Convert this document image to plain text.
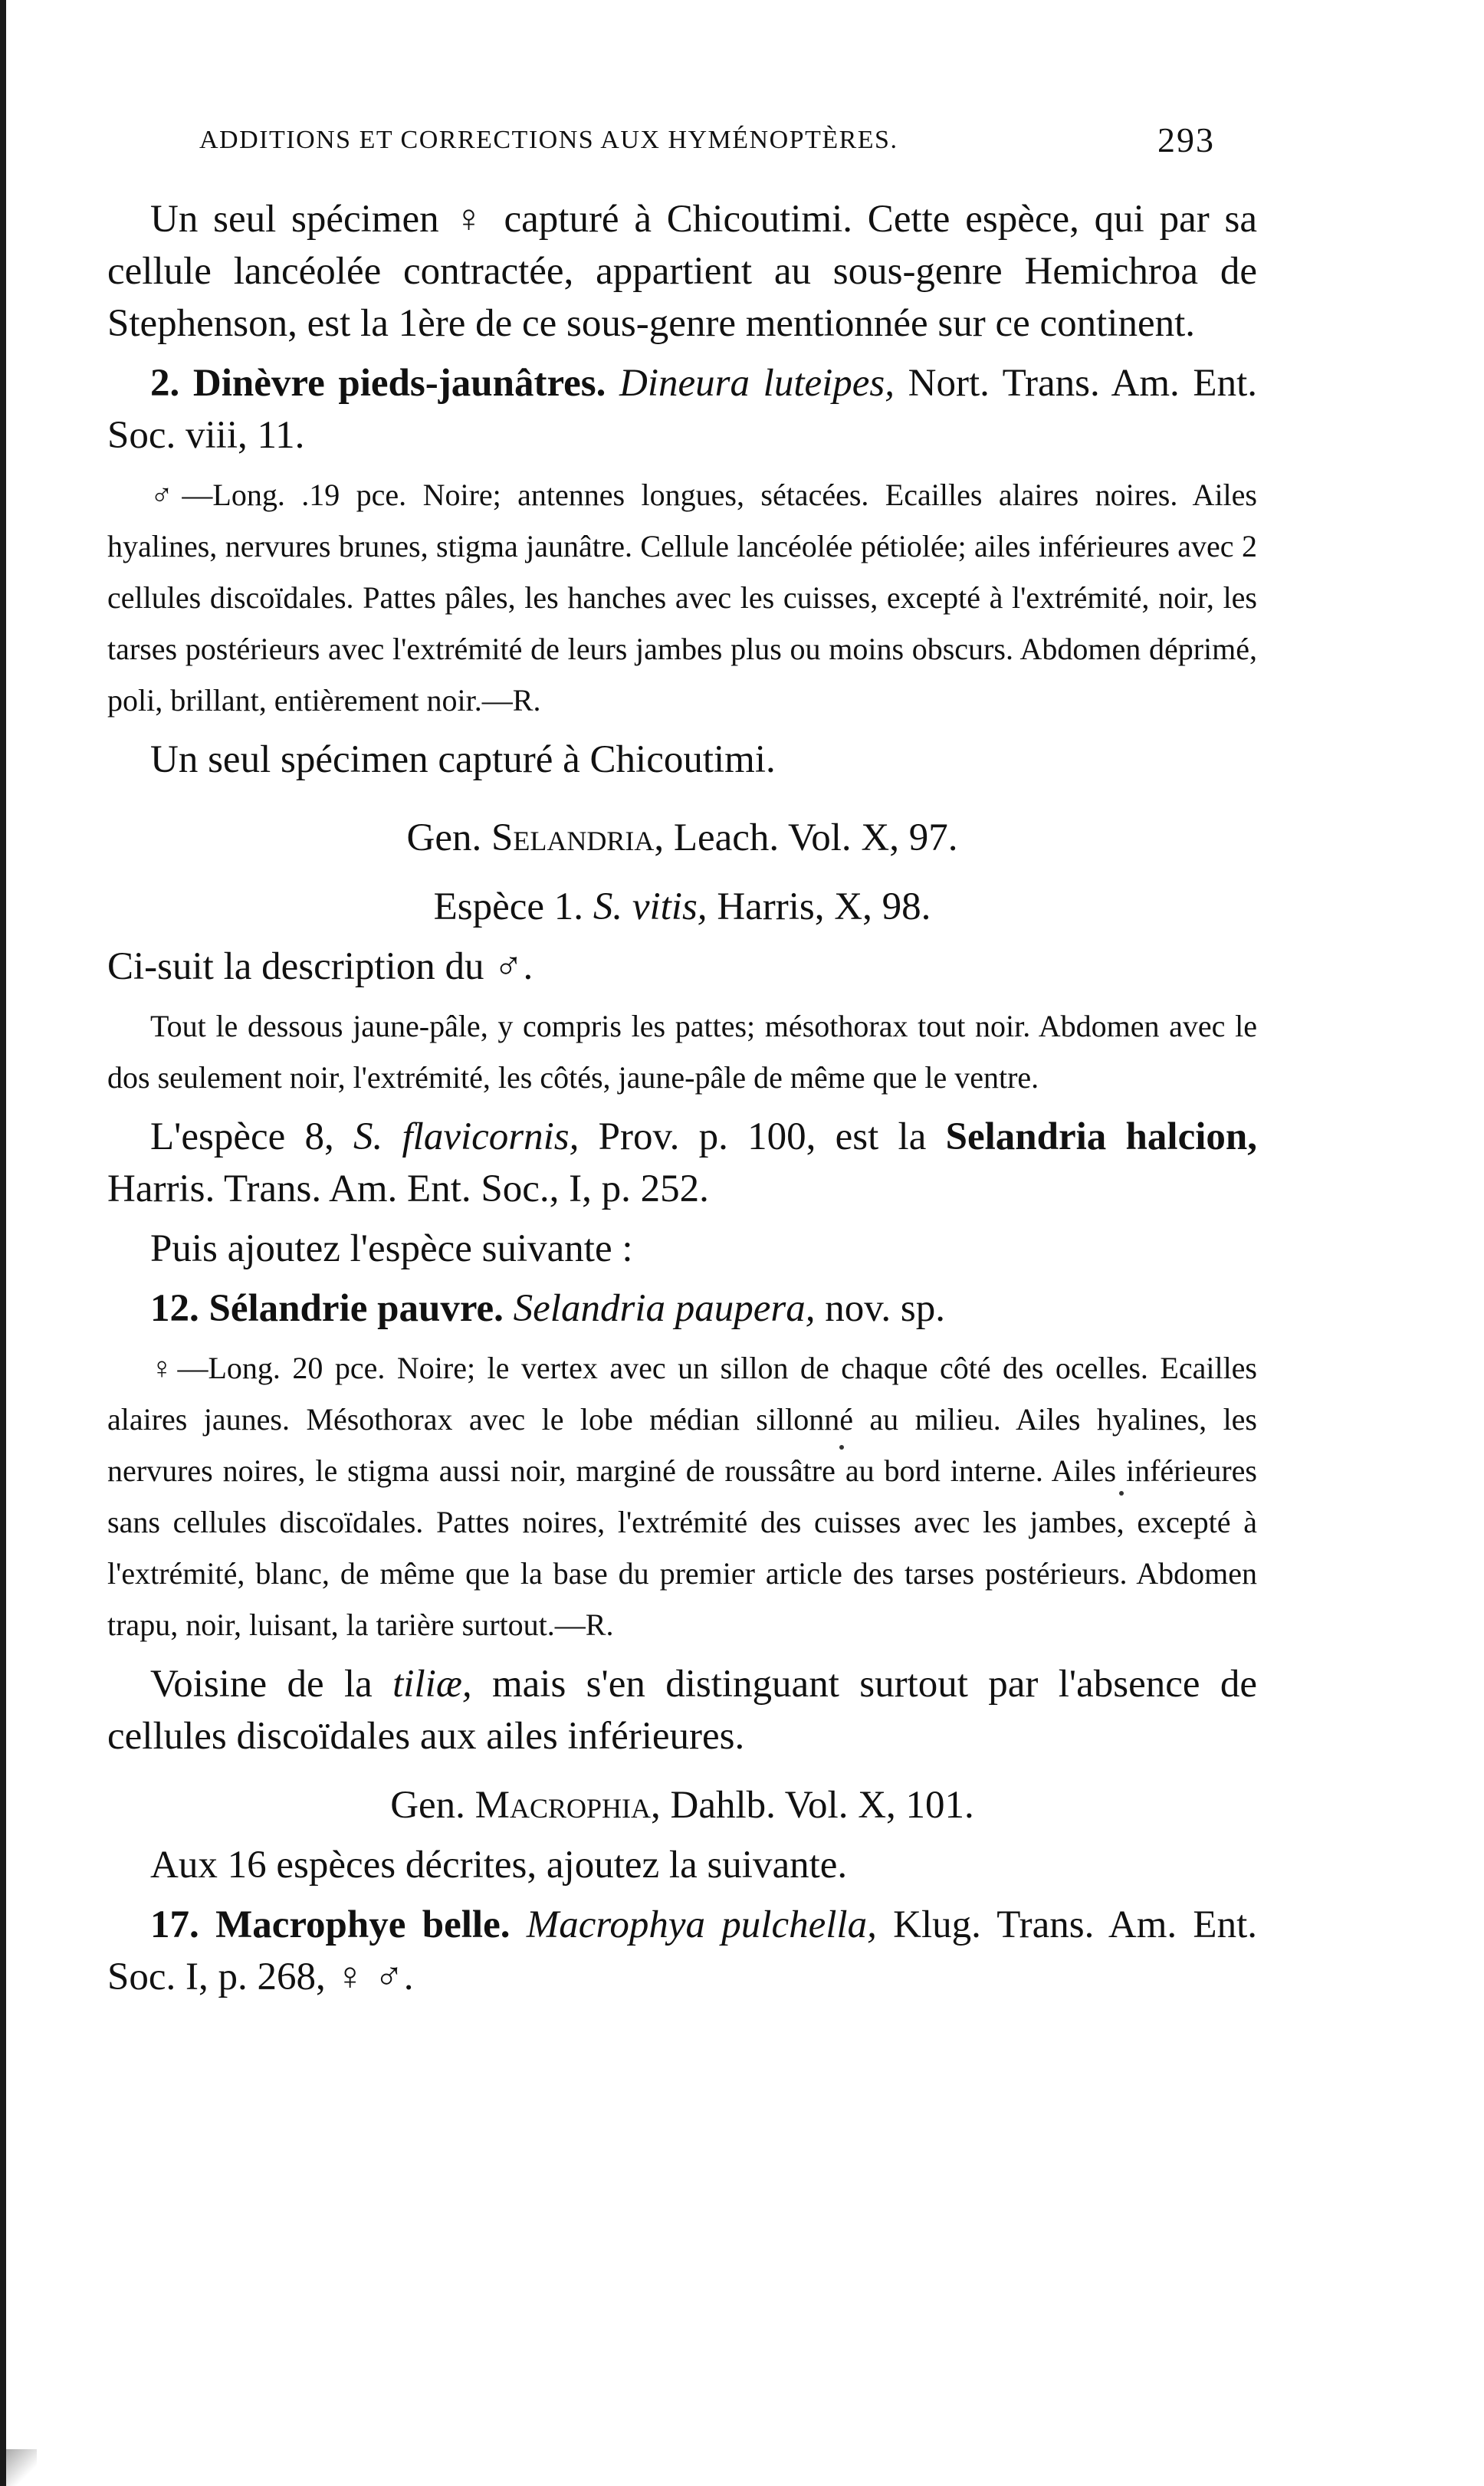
ADDITIONS ET CORRECTIONS AUX HYMÉNOPTÈRES.	293

Un seul spécimen ♀ capturé à Chicoutimi. Cette espèce, qui par sa cellule lancéolée contractée, appartient au sous-genre Hemichroa de Stephenson, est la 1ère de ce sous-genre mentionnée sur ce continent.

2. Dinèvre pieds-jaunâtres. Dineura luteipes, Nort. Trans. Am. Ent. Soc. viii, 11.

♂—Long. .19 pce. Noire; antennes longues, sétacées. Ecailles alaires noires. Ailes hyalines, nervures brunes, stigma jaunâtre. Cellule lancéolée pétiolée; ailes inférieures avec 2 cellules discoïdales. Pattes pâles, les hanches avec les cuisses, excepté à l'extrémité, noir, les tarses postérieurs avec l'extrémité de leurs jambes plus ou moins obscurs. Abdomen déprimé, poli, brillant, entièrement noir.—R.

Un seul spécimen capturé à Chicoutimi.

Gen. Selandria, Leach. Vol. X, 97.

Espèce 1. S. vitis, Harris, X, 98.

Ci-suit la description du ♂.

Tout le dessous jaune-pâle, y compris les pattes; mésothorax tout noir. Abdomen avec le dos seulement noir, l'extrémité, les côtés, jaune-pâle de même que le ventre.

L'espèce 8, S. flavicornis, Prov. p. 100, est la Selandria halcion, Harris. Trans. Am. Ent. Soc., I, p. 252.

Puis ajoutez l'espèce suivante :

12. Sélandrie pauvre. Selandria paupera, nov. sp.

♀—Long. 20 pce. Noire; le vertex avec un sillon de chaque côté des ocelles. Ecailles alaires jaunes. Mésothorax avec le lobe médian sillonné au milieu. Ailes hyalines, les nervures noires, le stigma aussi noir, marginé de roussâtre au bord interne. Ailes inférieures sans cellules discoïdales. Pattes noires, l'extrémité des cuisses avec les jambes, excepté à l'extrémité, blanc, de même que la base du premier article des tarses postérieurs. Abdomen trapu, noir, luisant, la tarière surtout.—R.

Voisine de la tiliæ, mais s'en distinguant surtout par l'absence de cellules discoïdales aux ailes inférieures.

Gen. Macrophia, Dahlb. Vol. X, 101.

Aux 16 espèces décrites, ajoutez la suivante.

17. Macrophye belle. Macrophya pulchella, Klug. Trans. Am. Ent. Soc. I, p. 268, ♀ ♂.
